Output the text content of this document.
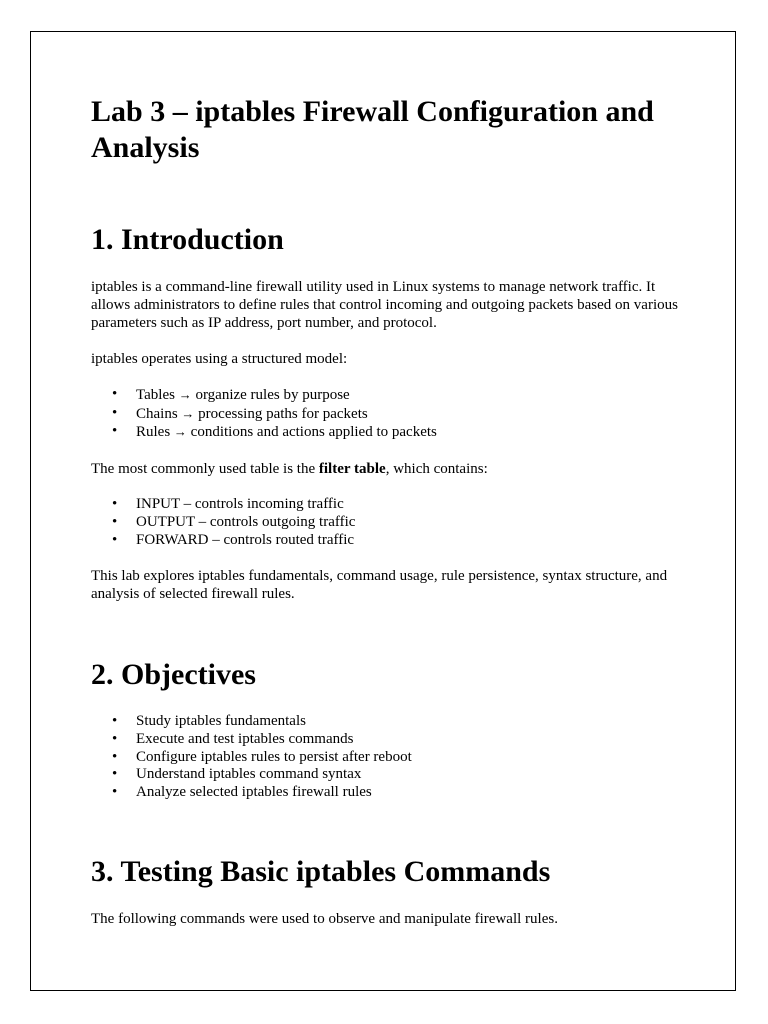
Lab 3 – iptables Firewall Configuration and Analysis
1. Introduction

iptables is a command-line firewall utility used in Linux systems to manage network traffic. It allows administrators to define rules that control incoming and outgoing packets based on various parameters such as IP address, port number, and protocol.

iptables operates using a structured model:

• Tables → organize rules by purpose
• Chains → processing paths for packets
• Rules → conditions and actions applied to packets

The most commonly used table is the filter table, which contains:

• INPUT – controls incoming traffic
• OUTPUT – controls outgoing traffic
• FORWARD – controls routed traffic

This lab explores iptables fundamentals, command usage, rule persistence, syntax structure, and analysis of selected firewall rules.

2. Objectives
• Study iptables fundamentals
• Execute and test iptables commands
• Configure iptables rules to persist after reboot
• Understand iptables command syntax
• Analyze selected iptables firewall rules
3. Testing Basic iptables Commands

The following commands were used to observe and manipulate firewall rules.
